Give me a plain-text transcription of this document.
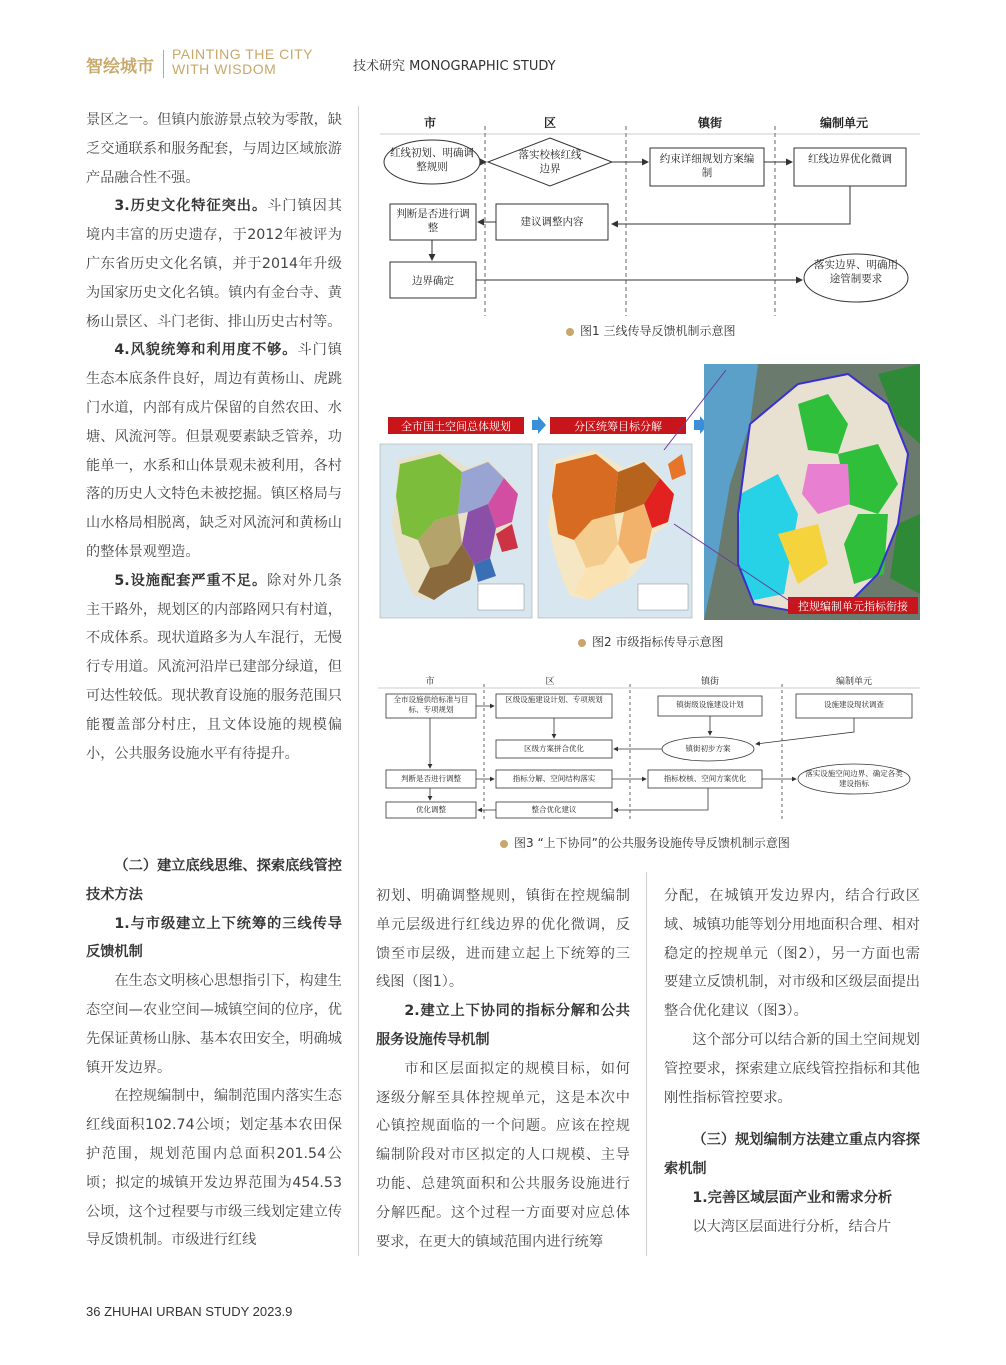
智绘城市
PAINTING THE CITY
WITH WISDOM	技术研究 MONOGRAPHIC STUDY

景区之一。但镇内旅游景点较为零散，缺乏交通联系和服务配套，与周边区域旅游产品融合性不强。

3.历史文化特征突出。斗门镇因其境内丰富的历史遗存，于2012年被评为广东省历史文化名镇，并于2014年升级为国家历史文化名镇。镇内有金台寺、黄杨山景区、斗门老街、排山历史古村等。

4.风貌统筹和利用度不够。斗门镇生态本底条件良好，周边有黄杨山、虎跳门水道，内部有成片保留的自然农田、水塘、风流河等。但景观要素缺乏管养，功能单一，水系和山体景观未被利用，各村落的历史人文特色未被挖掘。镇区格局与山水格局相脱离，缺乏对风流河和黄杨山的整体景观塑造。

5.设施配套严重不足。除对外几条主干路外，规划区的内部路网只有村道，不成体系。现状道路多为人车混行，无慢行专用道。风流河沿岸已建部分绿道，但可达性较低。现状教育设施的服务范围只能覆盖部分村庄，且文体设施的规模偏小，公共服务设施水平有待提升。

（二）建立底线思维、探索底线管控技术方法

1.与市级建立上下统筹的三线传导反馈机制

在生态文明核心思想指引下，构建生态空间—农业空间—城镇空间的位序，优先保证黄杨山脉、基本农田安全，明确城镇开发边界。

在控规编制中，编制范围内落实生态红线面积102.74公顷；划定基本农田保护范围，规划范围内总面积201.54公顷；拟定的城镇开发边界范围为454.53公顷，这个过程要与市级三线划定建立传导反馈机制。市级进行红线

初划、明确调整规则，镇街在控规编制单元层级进行红线边界的优化微调，反馈至市层级，进而建立起上下统筹的三线图（图1）。

2.建立上下协同的指标分解和公共服务设施传导机制

市和区层面拟定的规模目标，如何逐级分解至具体控规单元，这是本次中心镇控规面临的一个问题。应该在控规编制阶段对市区拟定的人口规模、主导功能、总建筑面积和公共服务设施进行分解匹配。这个过程一方面要对应总体要求，在更大的镇域范围内进行统筹

分配，在城镇开发边界内，结合行政区域、城镇功能等划分用地面积合理、相对稳定的控规单元（图2），另一方面也需要建立反馈机制，对市级和区级层面提出整合优化建议（图3）。

这个部分可以结合新的国土空间规划管控要求，探索建立底线管控指标和其他刚性指标管控要求。

（三）规划编制方法建立重点内容探索机制

1.完善区域层面产业和需求分析

以大湾区层面进行分析，结合片

市	区	镇街	编制单元
红线初划、明确调整规则
落实校核红线边界
约束详细规划方案编制
红线边界优化微调
判断是否进行调整	建议调整内容
边界确定
落实边界、明确用途管制要求
图1 三线传导反馈机制示意图
全市国土空间总体规划	分区统筹目标分解
控规编制单元指标衔接
图2 市级指标传导示意图
市	区	镇街	编制单元
全市设施供给标准与目标、专项规划
区级设施建设计划、专项规划
镇街级设施建设计划	设施建设现状调查
区级方案拼合优化	镇街初步方案
判断是否进行调整	指标分解、空间结构落实	指标校核、空间方案优化
落实设施空间边界、确定各类建设指标
优化调整	整合优化建议
图3 “上下协同”的公共服务设施传导反馈机制示意图
36 ZHUHAI URBAN STUDY 2023.9
